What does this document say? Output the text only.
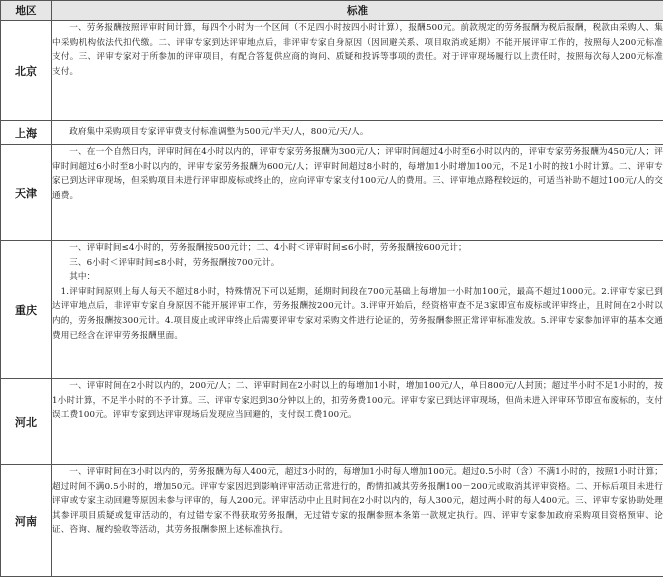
地区	标准
北京	一、劳务报酬按照评审时间计算，每四个小时为一个区间（不足四小时按四小时计算），报酬500元。前款规定的劳务报酬为税后报酬，税款由采购人、集中采购机构依法代扣代缴。二、评审专家到达评审地点后，非评审专家自身原因（因回避关系、项目取消或延期）不能开展评审工作的，按照每人200元标准支付。三、评审专家对于所参加的评审项目，有配合答复供应商的询问、质疑和投诉等事项的责任。对于评审现场履行以上责任时，按照每次每人200元标准支付。

上海	政府集中采购项目专家评审费支付标准调整为500元/半天/人，800元/天/人。

天津	一、在一个自然日内，评审时间在4小时以内的，评审专家劳务报酬为300元/人；评审时间超过4小时至6小时以内的，评审专家劳务报酬为450元/人；评审时间超过6小时至8小时以内的，评审专家劳务报酬为600元/人；评审时间超过8小时的，每增加1小时增加100元，不足1小时的按1小时计算。二、评审专家已到达评审现场，但采购项目未进行评审即废标或终止的，应向评审专家支付100元/人的费用。三、评审地点路程较远的，可适当补助不超过100元/人的交通费。

重庆	一、评审时间≤4小时的，劳务报酬按500元计；二、4小时＜评审时间≤6小时，劳务报酬按600元计；
三、6小时＜评审时间≤8小时，劳务报酬按700元计。
其中：
1.评审时间原则上每人每天不超过8小时，特殊情况下可以延期，延期时间段在700元基础上每增加一小时加100元，最高不超过1000元。2.评审专家已到达评审地点后，非评审专家自身原因不能开展评审工作，劳务报酬按200元计。3.评审开始后，经资格审查不足3家即宣布废标或评审终止，且时间在2小时以内的，劳务报酬按300元计。4.项目废止或评审终止后需要评审专家对采购文件进行论证的，劳务报酬参照正常评审标准发放。5.评审专家参加评审的基本交通费用已经含在评审劳务报酬里面。

河北	一、评审时间在2小时以内的，200元/人；二、评审时间在2小时以上的每增加1小时，增加100元/人，单日800元/人封顶；超过半小时不足1小时的，按1小时计算，不足半小时的不予计算。三、评审专家迟到30分钟以上的，扣劳务费100元。评审专家已到达评审现场，但尚未进入评审环节即宣布废标的，支付误工费100元。评审专家到达评审现场后发现应当回避的，支付误工费100元。

河南	一、评审时间在3小时以内的，劳务报酬为每人400元，超过3小时的，每增加1小时每人增加100元。超过0.5小时（含）不满1小时的，按照1小时计算；超过时间不满0.5小时的，增加50元。评审专家因迟到影响评审活动正常进行的，酌情扣减其劳务报酬100－200元或取消其评审资格。二、开标后项目未进行评审或专家主动回避等原因未参与评审的，每人200元。评审活动中止且时间在2小时以内的，每人300元，超过两小时的每人400元。三、评审专家协助处理其参评项目质疑或复审活动的，有过错专家不得获取劳务报酬，无过错专家的报酬参照本条第一款规定执行。四、评审专家参加政府采购项目资格预审、论证、咨询、履约验收等活动，其劳务报酬参照上述标准执行。
